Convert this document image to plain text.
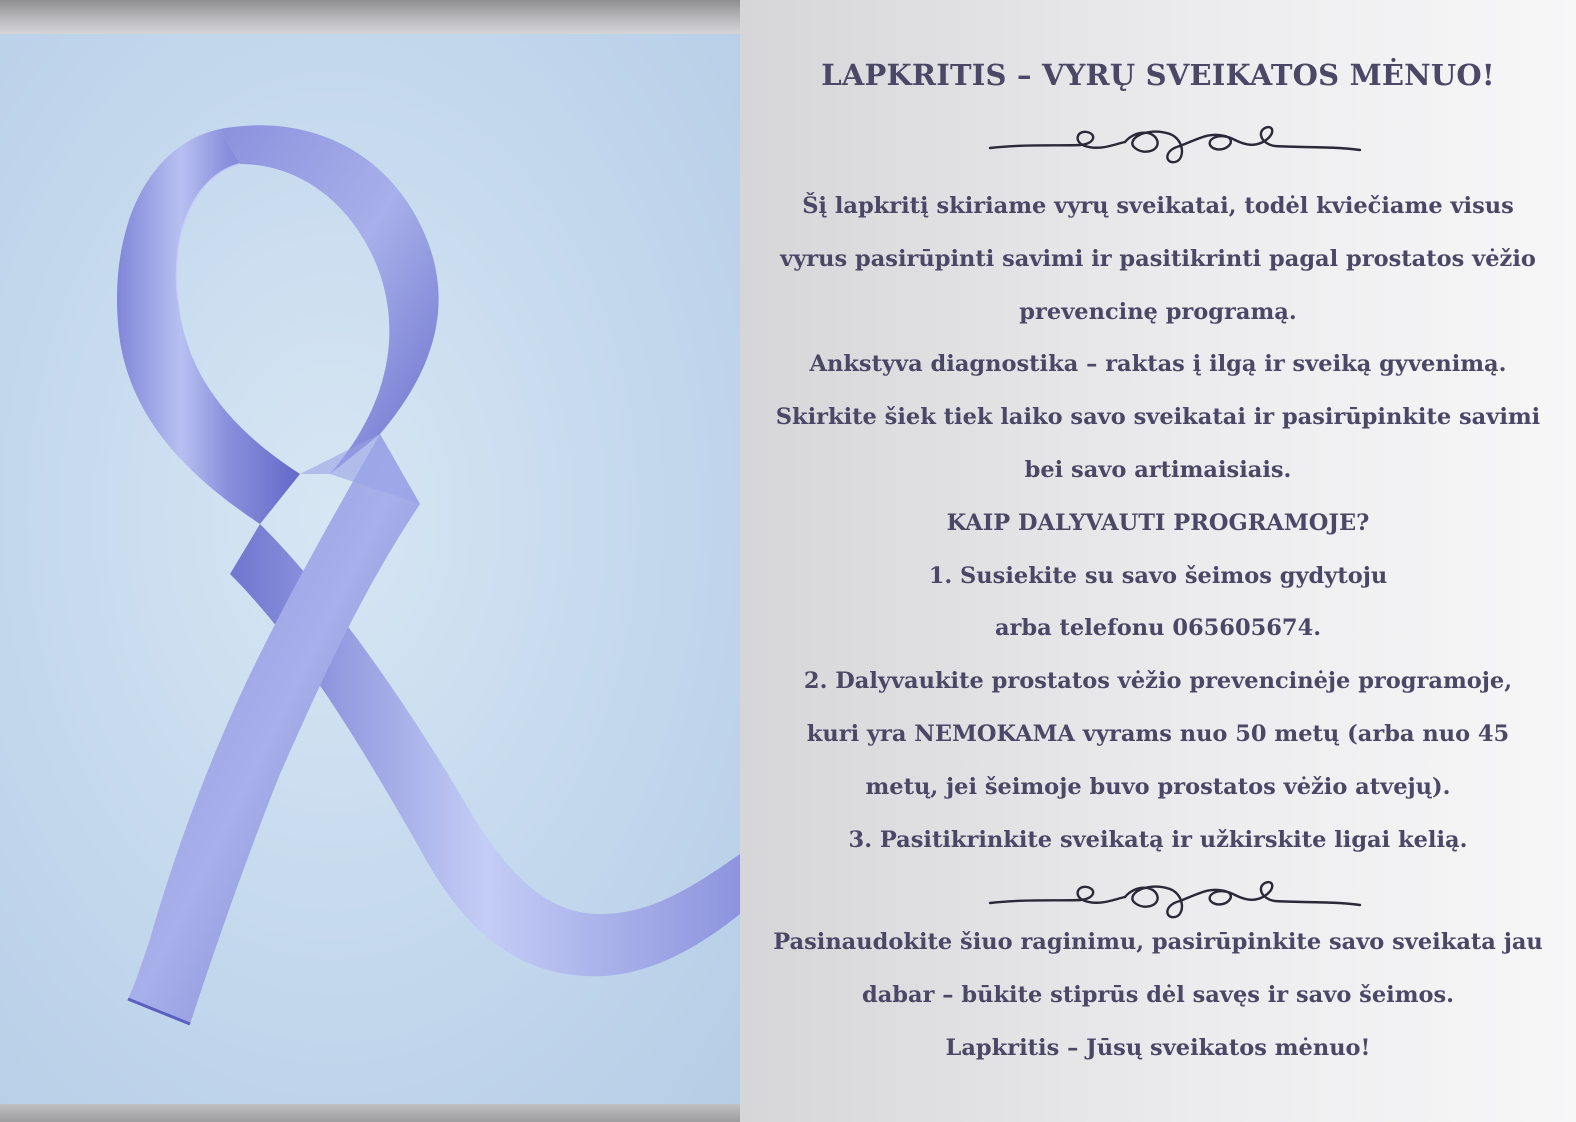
LAPKRITIS – VYRŲ SVEIKATOS MĖNUO!
Šį lapkritį skiriame vyrų sveikatai, todėl kviečiame visus
vyrus pasirūpinti savimi ir pasitikrinti pagal prostatos vėžio
prevencinę programą.
Ankstyva diagnostika – raktas į ilgą ir sveiką gyvenimą.
Skirkite šiek tiek laiko savo sveikatai ir pasirūpinkite savimi
bei savo artimaisiais.
KAIP DALYVAUTI PROGRAMOJE?
1. Susiekite su savo šeimos gydytoju
arba telefonu 065605674.
2. Dalyvaukite prostatos vėžio prevencinėje programoje,
kuri yra NEMOKAMA vyrams nuo 50 metų (arba nuo 45
metų, jei šeimoje buvo prostatos vėžio atvejų).
3. Pasitikrinkite sveikatą ir užkirskite ligai kelią.
Pasinaudokite šiuo raginimu, pasirūpinkite savo sveikata jau
dabar – būkite stiprūs dėl savęs ir savo šeimos.
Lapkritis – Jūsų sveikatos mėnuo!
